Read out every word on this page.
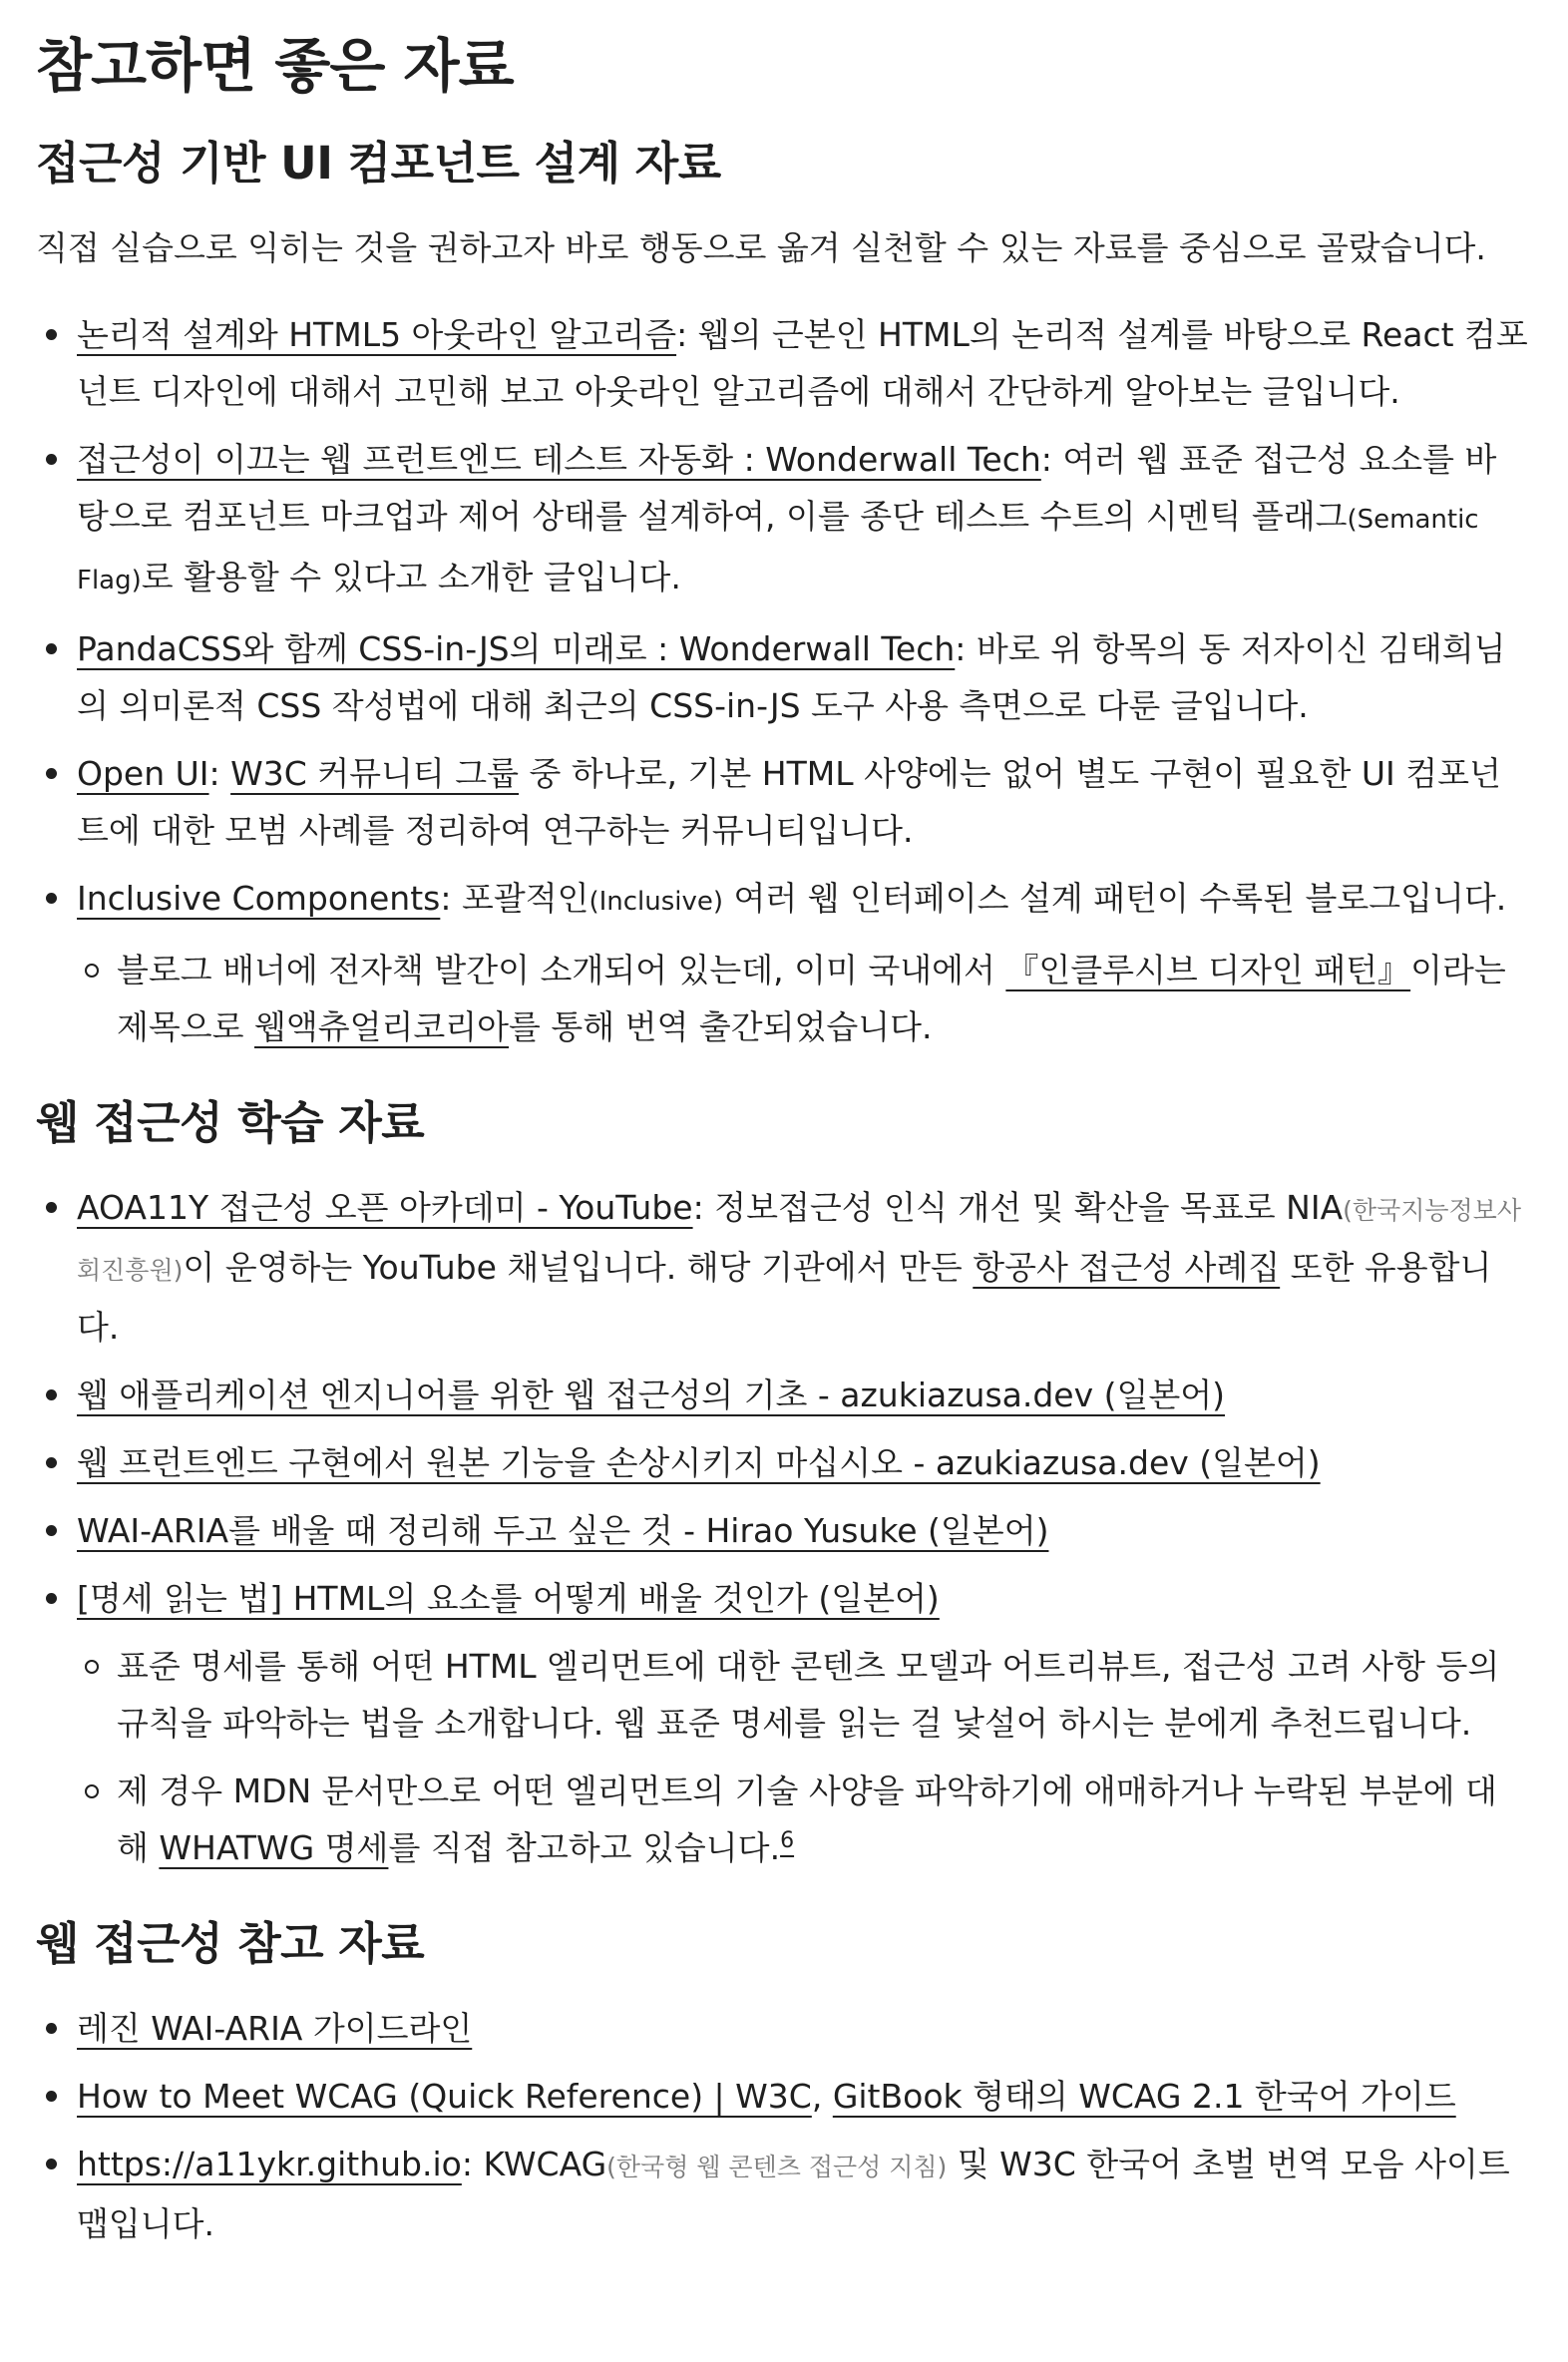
참고하면 좋은 자료
접근성 기반 UI 컴포넌트 설계 자료

직접 실습으로 익히는 것을 권하고자 바로 행동으로 옮겨 실천할 수 있는 자료를 중심으로 골랐습니다.

논리적 설계와 HTML5 아웃라인 알고리즘: 웹의 근본인 HTML의 논리적 설계를 바탕으로 React 컴포넌트 디자인에 대해서 고민해 보고 아웃라인 알고리즘에 대해서 간단하게 알아보는 글입니다.
접근성이 이끄는 웹 프런트엔드 테스트 자동화 : Wonderwall Tech: 여러 웹 표준 접근성 요소를 바탕으로 컴포넌트 마크업과 제어 상태를 설계하여, 이를 종단 테스트 수트의 시멘틱 플래그(Semantic Flag)로 활용할 수 있다고 소개한 글입니다.
PandaCSS와 함께 CSS-in-JS의 미래로 : Wonderwall Tech: 바로 위 항목의 동 저자이신 김태희님의 의미론적 CSS 작성법에 대해 최근의 CSS-in-JS 도구 사용 측면으로 다룬 글입니다.
Open UI: W3C 커뮤니티 그룹 중 하나로, 기본 HTML 사양에는 없어 별도 구현이 필요한 UI 컴포넌트에 대한 모범 사례를 정리하여 연구하는 커뮤니티입니다.
Inclusive Components: 포괄적인(Inclusive) 여러 웹 인터페이스 설계 패턴이 수록된 블로그입니다.
블로그 배너에 전자책 발간이 소개되어 있는데, 이미 국내에서 『인클루시브 디자인 패턴』이라는 제목으로 웹액츄얼리코리아를 통해 번역 출간되었습니다.
웹 접근성 학습 자료
AOA11Y 접근성 오픈 아카데미 - YouTube: 정보접근성 인식 개선 및 확산을 목표로 NIA(한국지능정보사회진흥원)이 운영하는 YouTube 채널입니다. 해당 기관에서 만든 항공사 접근성 사례집 또한 유용합니다.
웹 애플리케이션 엔지니어를 위한 웹 접근성의 기초 - azukiazusa.dev (일본어)
웹 프런트엔드 구현에서 원본 기능을 손상시키지 마십시오 - azukiazusa.dev (일본어)
WAI-ARIA를 배울 때 정리해 두고 싶은 것 - Hirao Yusuke (일본어)
[명세 읽는 법] HTML의 요소를 어떻게 배울 것인가 (일본어)
표준 명세를 통해 어떤 HTML 엘리먼트에 대한 콘텐츠 모델과 어트리뷰트, 접근성 고려 사항 등의 규칙을 파악하는 법을 소개합니다. 웹 표준 명세를 읽는 걸 낯설어 하시는 분에게 추천드립니다.
제 경우 MDN 문서만으로 어떤 엘리먼트의 기술 사양을 파악하기에 애매하거나 누락된 부분에 대해 WHATWG 명세를 직접 참고하고 있습니다.$^6$
웹 접근성 참고 자료
레진 WAI-ARIA 가이드라인
How to Meet WCAG (Quick Reference) | W3C, GitBook 형태의 WCAG 2.1 한국어 가이드
https://a11ykr.github.io: KWCAG(한국형 웹 콘텐츠 접근성 지침) 및 W3C 한국어 초벌 번역 모음 사이트맵입니다.
